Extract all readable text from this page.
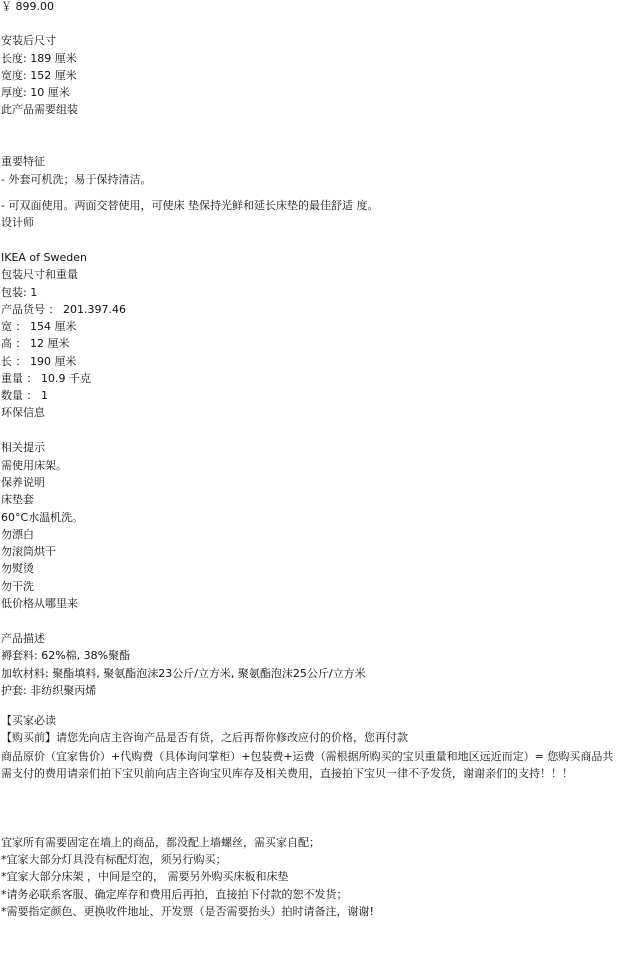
￥ 899.00
安装后尺寸
长度: 189 厘米
宽度: 152 厘米
厚度: 10 厘米
此产品需要组装
重要特征
- 外套可机洗；易于保持清洁。
- 可双面使用。两面交替使用，可使床 垫保持光鲜和延长床垫的最佳舒适 度。
设计师
IKEA of Sweden
包装尺寸和重量
包装: 1
产品货号 ： 201.397.46
宽 ： 154 厘米
高 ： 12 厘米
长 ： 190 厘米
重量 ： 10.9 千克
数量 ： 1
环保信息
相关提示
需使用床架。
保养说明
床垫套
60°C水温机洗。
勿漂白
勿滚筒烘干
勿熨烫
勿干洗
低价格从哪里来
产品描述
褥套料: 62%棉, 38%聚酯
加软材料: 聚酯填料, 聚氨酯泡沫23公斤/立方米, 聚氨酯泡沫25公斤/立方米
护套: 非纺织聚丙烯
【买家必读
【购买前】请您先向店主咨询产品是否有货，之后再帮你修改应付的价格，您再付款
商品原价（宜家售价）+代购费（具体询问掌柜）+包装费+运费（需根据所购买的宝贝重量和地区远近而定）= 您购买商品共需支付的费用请亲们拍下宝贝前向店主咨询宝贝库存及相关费用，直接拍下宝贝一律不予发货，谢谢亲们的支持！！！
宜家所有需要固定在墙上的商品，都没配上墙螺丝，需买家自配；
*宜家大部分灯具没有标配灯泡，须另行购买；
*宜家大部分床架 ，中间是空的， 需要另外购买床板和床垫
*请务必联系客服、确定库存和费用后再拍，直接拍下付款的恕不发货；
*需要指定颜色、更换收件地址、开发票（是否需要抬头）拍时请备注，谢谢!
